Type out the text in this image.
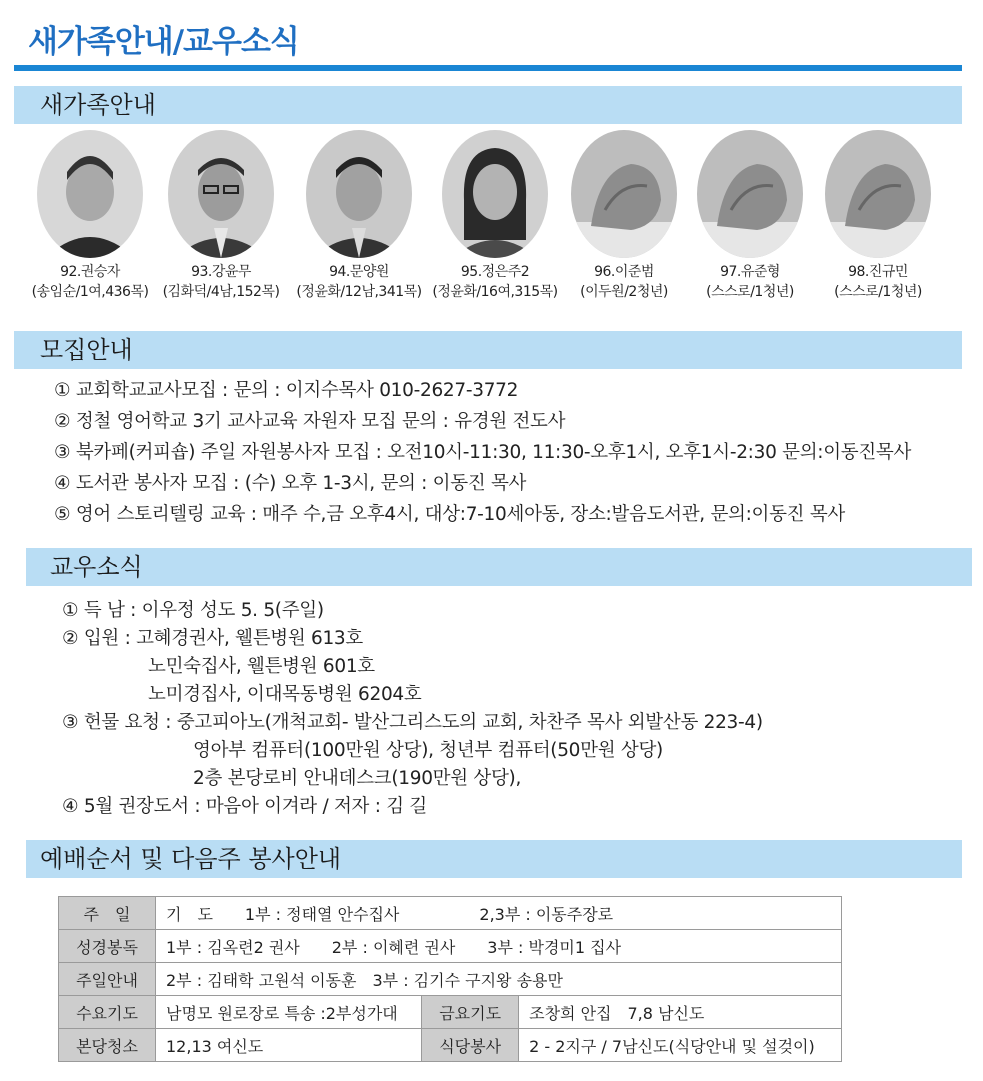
새가족안내/교우소식
새가족안내
92.권승자
(송임순/1여,436목)
93.강윤무
(김화덕/4남,152목)
94.문양원
(정윤화/12남,341목)
95.정은주2
(정윤화/16여,315목)
96.이준범
(이두원/2청년)
97.유준형
(스스로/1청년)
98.진규민
(스스로/1청년)
모집안내
① 교회학교교사모집 : 문의 : 이지수목사 010-2627-3772
② 정철 영어학교 3기 교사교육 자원자 모집 문의 : 유경원 전도사
③ 북카페(커피숍) 주일 자원봉사자 모집 : 오전10시-11:30, 11:30-오후1시, 오후1시-2:30 문의:이동진목사
④ 도서관 봉사자 모집 : (수) 오후 1-3시, 문의 : 이동진 목사
⑤ 영어 스토리텔링 교육 : 매주 수,금 오후4시, 대상:7-10세아동, 장소:발음도서관, 문의:이동진 목사
교우소식
① 득 남 : 이우정 성도 5. 5(주일)
② 입원 : 고혜경권사, 웰튼병원 613호
노민숙집사, 웰튼병원 601호
노미경집사, 이대목동병원 6204호
③ 헌물 요청 : 중고피아노(개척교회- 발산그리스도의 교회, 차찬주 목사 외발산동 223-4)
영아부 컴퓨터(100만원 상당), 청년부 컴퓨터(50만원 상당)
2층 본당로비 안내데스크(190만원 상당),
④ 5월 권장도서 : 마음아 이겨라 / 저자 : 김 길
예배순서 및 다음주 봉사안내
주　일	기　도　　1부 : 정태열 안수집사　　　　　2,3부 : 이동주장로		
성경봉독	1부 : 김옥련2 권사　　2부 : 이혜련 권사　　3부 : 박경미1 집사		
주일안내	2부 : 김태학 고원석 이동훈　3부 : 김기수 구지왕 송용만		
수요기도	남명모 원로장로 특송 :2부성가대	금요기도	조창희 안집　7,8 남신도
본당청소	12,13 여신도	식당봉사	2 - 2지구 / 7남신도(식당안내 및 설겆이)
